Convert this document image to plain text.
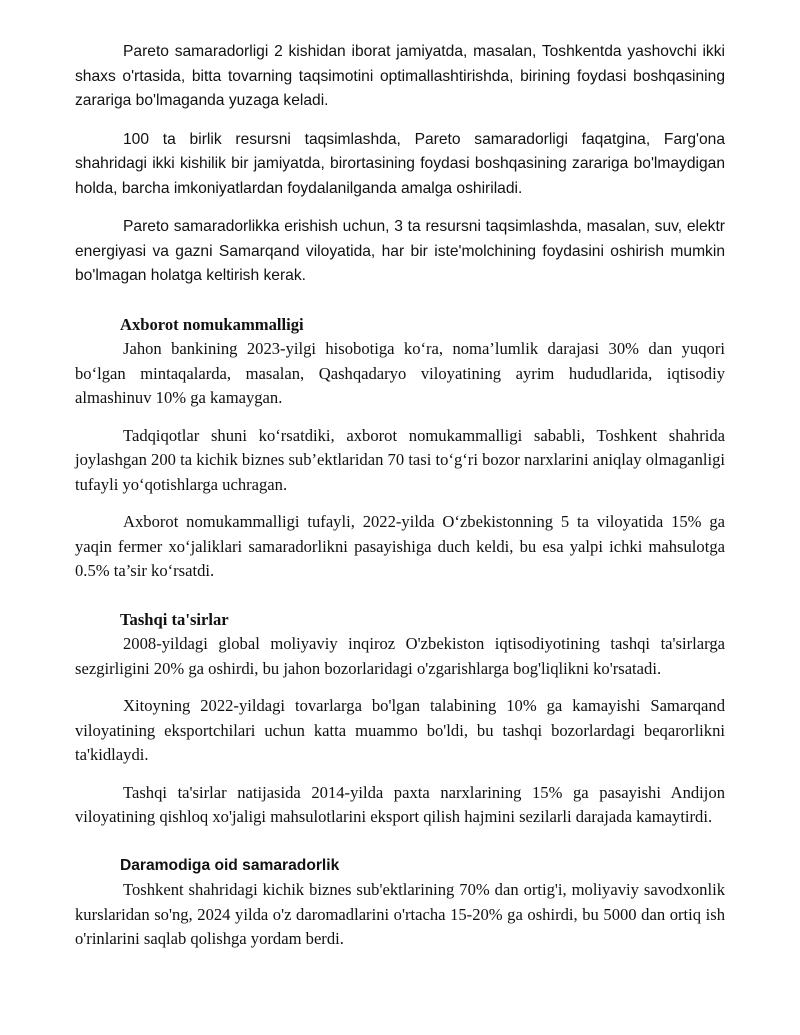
Pareto samaradorligi 2 kishidan iborat jamiyatda, masalan, Toshkentda yashovchi ikki shaxs o'rtasida, bitta tovarning taqsimotini optimallashtirishda, birining foydasi boshqasining zarariga bo'lmaganda yuzaga keladi.

100 ta birlik resursni taqsimlashda, Pareto samaradorligi faqatgina, Farg'ona shahridagi ikki kishilik bir jamiyatda, birortasining foydasi boshqasining zarariga bo'lmaydigan holda, barcha imkoniyatlardan foydalanilganda amalga oshiriladi.

Pareto samaradorlikka erishish uchun, 3 ta resursni taqsimlashda, masalan, suv, elektr energiyasi va gazni Samarqand viloyatida, har bir iste'molchining foydasini oshirish mumkin bo'lmagan holatga keltirish kerak.

Axborot nomukammalligi

Jahon bankining 2023-yilgi hisobotiga ko‘ra, noma’lumlik darajasi 30% dan yuqori bo‘lgan mintaqalarda, masalan, Qashqadaryo viloyatining ayrim hududlarida, iqtisodiy almashinuv 10% ga kamaygan.

Tadqiqotlar shuni ko‘rsatdiki, axborot nomukammalligi sababli, Toshkent shahrida joylashgan 200 ta kichik biznes sub’ektlaridan 70 tasi to‘g‘ri bozor narxlarini aniqlay olmaganligi tufayli yo‘qotishlarga uchragan.

Axborot nomukammalligi tufayli, 2022-yilda O‘zbekistonning 5 ta viloyatida 15% ga yaqin fermer xo‘jaliklari samaradorlikni pasayishiga duch keldi, bu esa yalpi ichki mahsulotga 0.5% ta’sir ko‘rsatdi.

Tashqi ta'sirlar

2008-yildagi global moliyaviy inqiroz O'zbekiston iqtisodiyotining tashqi ta'sirlarga sezgirligini 20% ga oshirdi, bu jahon bozorlaridagi o'zgarishlarga bog'liqlikni ko'rsatadi.

Xitoyning 2022-yildagi tovarlarga bo'lgan talabining 10% ga kamayishi Samarqand viloyatining eksportchilari uchun katta muammo bo'ldi, bu tashqi bozorlardagi beqarorlikni ta'kidlaydi.

Tashqi ta'sirlar natijasida 2014-yilda paxta narxlarining 15% ga pasayishi Andijon viloyatining qishloq xo'jaligi mahsulotlarini eksport qilish hajmini sezilarli darajada kamaytirdi.

Daramodiga oid samaradorlik

Toshkent shahridagi kichik biznes sub'ektlarining 70% dan ortig'i, moliyaviy savodxonlik kurslaridan so'ng, 2024 yilda o'z daromadlarini o'rtacha 15-20% ga oshirdi, bu 5000 dan ortiq ish o'rinlarini saqlab qolishga yordam berdi.
